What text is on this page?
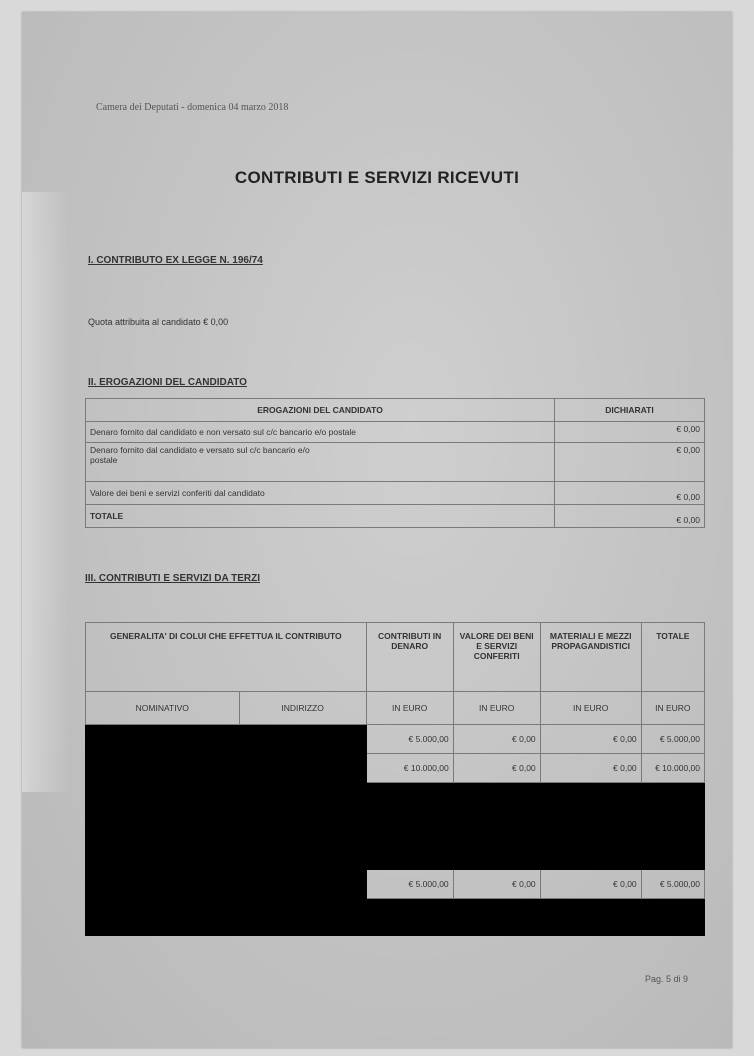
Camera dei Deputati - domenica 04 marzo 2018
CONTRIBUTI E SERVIZI RICEVUTI
I. CONTRIBUTO EX LEGGE N. 196/74
Quota attribuita al candidato € 0,00
II. EROGAZIONI DEL CANDIDATO
EROGAZIONI DEL CANDIDATO	DICHIARATI
Denaro fornito dal candidato e non versato sul c/c bancario e/o postale	€ 0,00
Denaro fornito dal candidato e versato sul c/c bancario e/o postale	€ 0,00
Valore dei beni e servizi conferiti dal candidato	€ 0,00
TOTALE	€ 0,00
III. CONTRIBUTI E SERVIZI DA TERZI
GENERALITA' DI COLUI CHE EFFETTUA IL CONTRIBUTO		CONTRIBUTI IN DENARO	VALORE DEI BENI E SERVIZI CONFERITI	MATERIALI E MEZZI PROPAGANDISTICI	TOTALE
NOMINATIVO	INDIRIZZO	IN EURO	IN EURO	IN EURO	IN EURO
		€ 5.000,00	€ 0,00	€ 0,00	€ 5.000,00
		€ 10.000,00	€ 0,00	€ 0,00	€ 10.000,00

		€ 5.000,00	€ 0,00	€ 0,00	€ 5.000,00

Pag. 5 di 9
